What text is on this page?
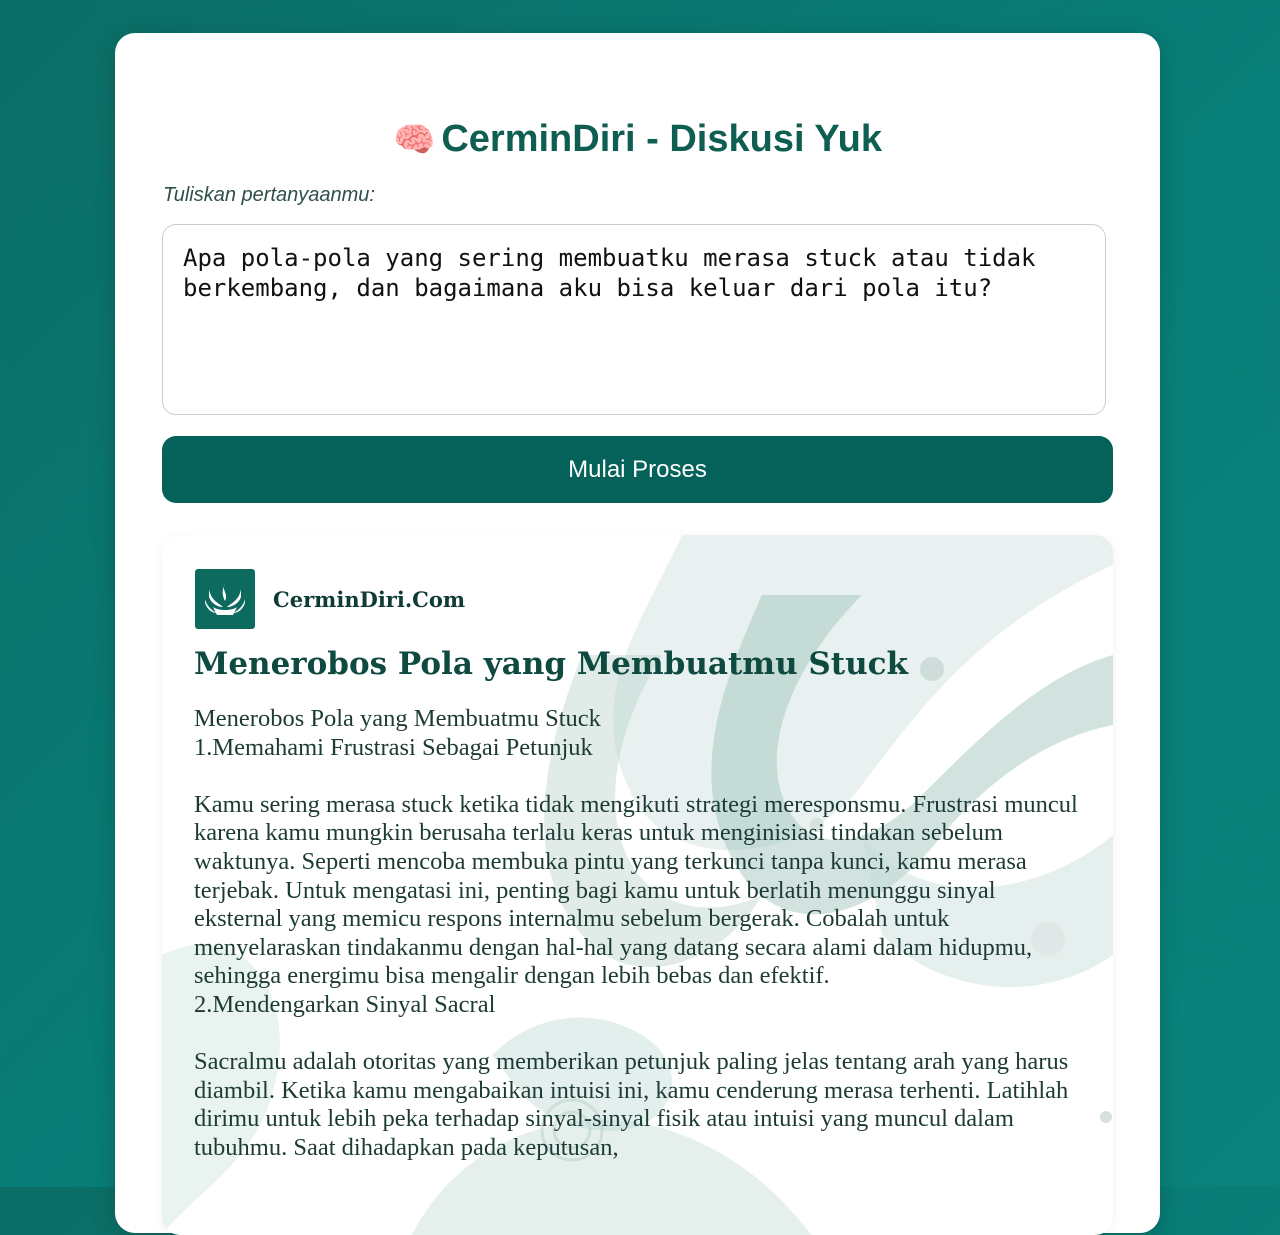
🧠 CerminDiri - Diskusi Yuk
Tuliskan pertanyaanmu:
Apa pola-pola yang sering membuatku merasa stuck atau tidak berkembang, dan bagaimana aku bisa keluar dari pola itu?
Mulai Proses
CerminDiri.Com
Menerobos Pola yang Membuatmu Stuck

Menerobos Pola yang Membuatmu Stuck

1.Memahami Frustrasi Sebagai Petunjuk

Kamu sering merasa stuck ketika tidak mengikuti strategi meresponsmu. Frustrasi muncul karena kamu mungkin berusaha terlalu keras untuk menginisiasi tindakan sebelum waktunya. Seperti mencoba membuka pintu yang terkunci tanpa kunci, kamu merasa terjebak. Untuk mengatasi ini, penting bagi kamu untuk berlatih menunggu sinyal eksternal yang memicu respons internalmu sebelum bergerak. Cobalah untuk menyelaraskan tindakanmu dengan hal-hal yang datang secara alami dalam hidupmu, sehingga energimu bisa mengalir dengan lebih bebas dan efektif.

2.Mendengarkan Sinyal Sacral

Sacralmu adalah otoritas yang memberikan petunjuk paling jelas tentang arah yang harus diambil. Ketika kamu mengabaikan intuisi ini, kamu cenderung merasa terhenti. Latihlah dirimu untuk lebih peka terhadap sinyal-sinyal fisik atau intuisi yang muncul dalam tubuhmu. Saat dihadapkan pada keputusan,
